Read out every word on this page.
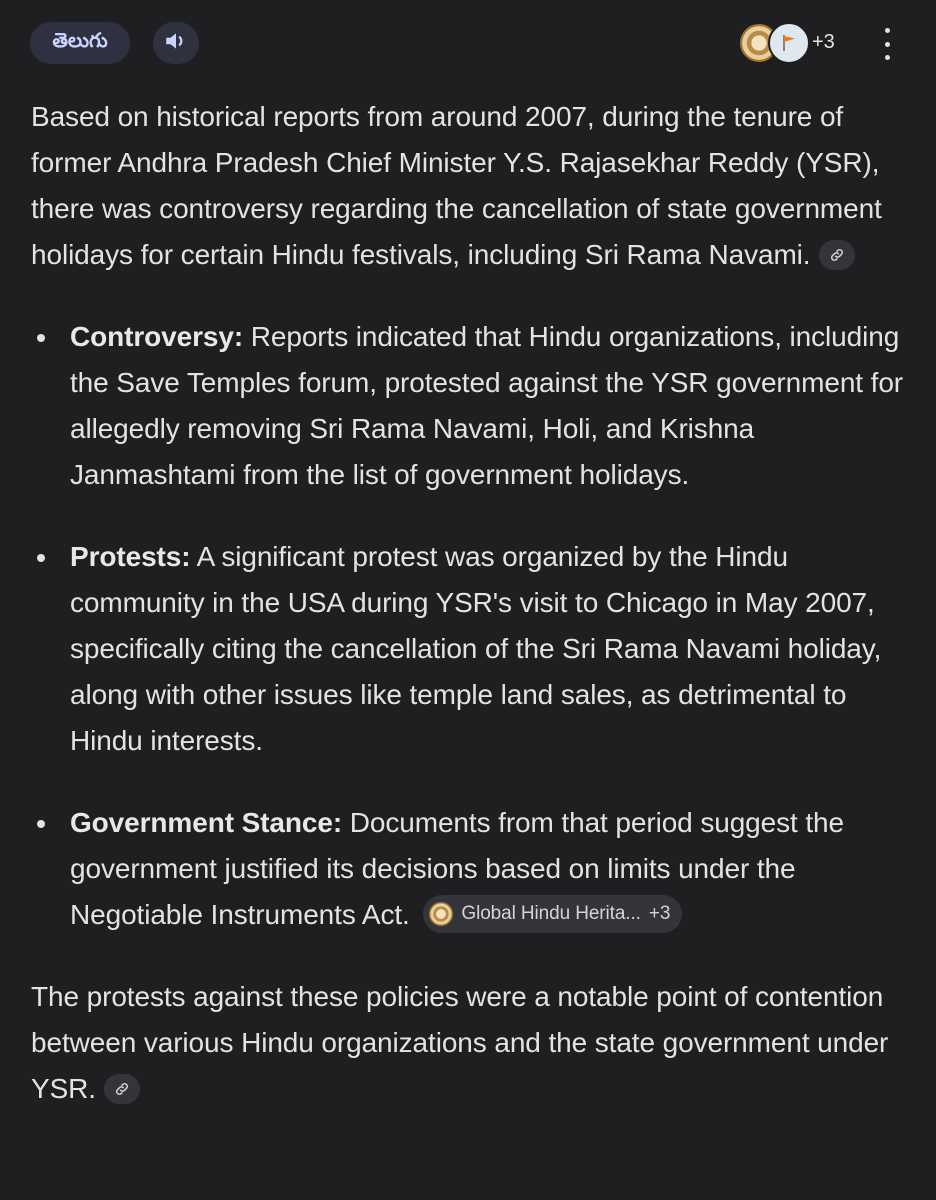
తెలుగు	+3

Based on historical reports from around 2007, during the tenure of former Andhra Pradesh Chief Minister Y.S. Rajasekhar Reddy (YSR), there was controversy regarding the cancellation of state government holidays for certain Hindu festivals, including Sri Rama Navami.

Controversy: Reports indicated that Hindu organizations, including the Save Temples forum, protested against the YSR government for allegedly removing Sri Rama Navami, Holi, and Krishna Janmashtami from the list of government holidays.
Protests: A significant protest was organized by the Hindu community in the USA during YSR's visit to Chicago in May 2007, specifically citing the cancellation of the Sri Rama Navami holiday, along with other issues like temple land sales, as detrimental to Hindu interests.
Government Stance: Documents from that period suggest the government justified its decisions based on limits under the Negotiable Instruments Act.	Global Hindu Herita... +3

The protests against these policies were a notable point of contention between various Hindu organizations and the state government under YSR.
